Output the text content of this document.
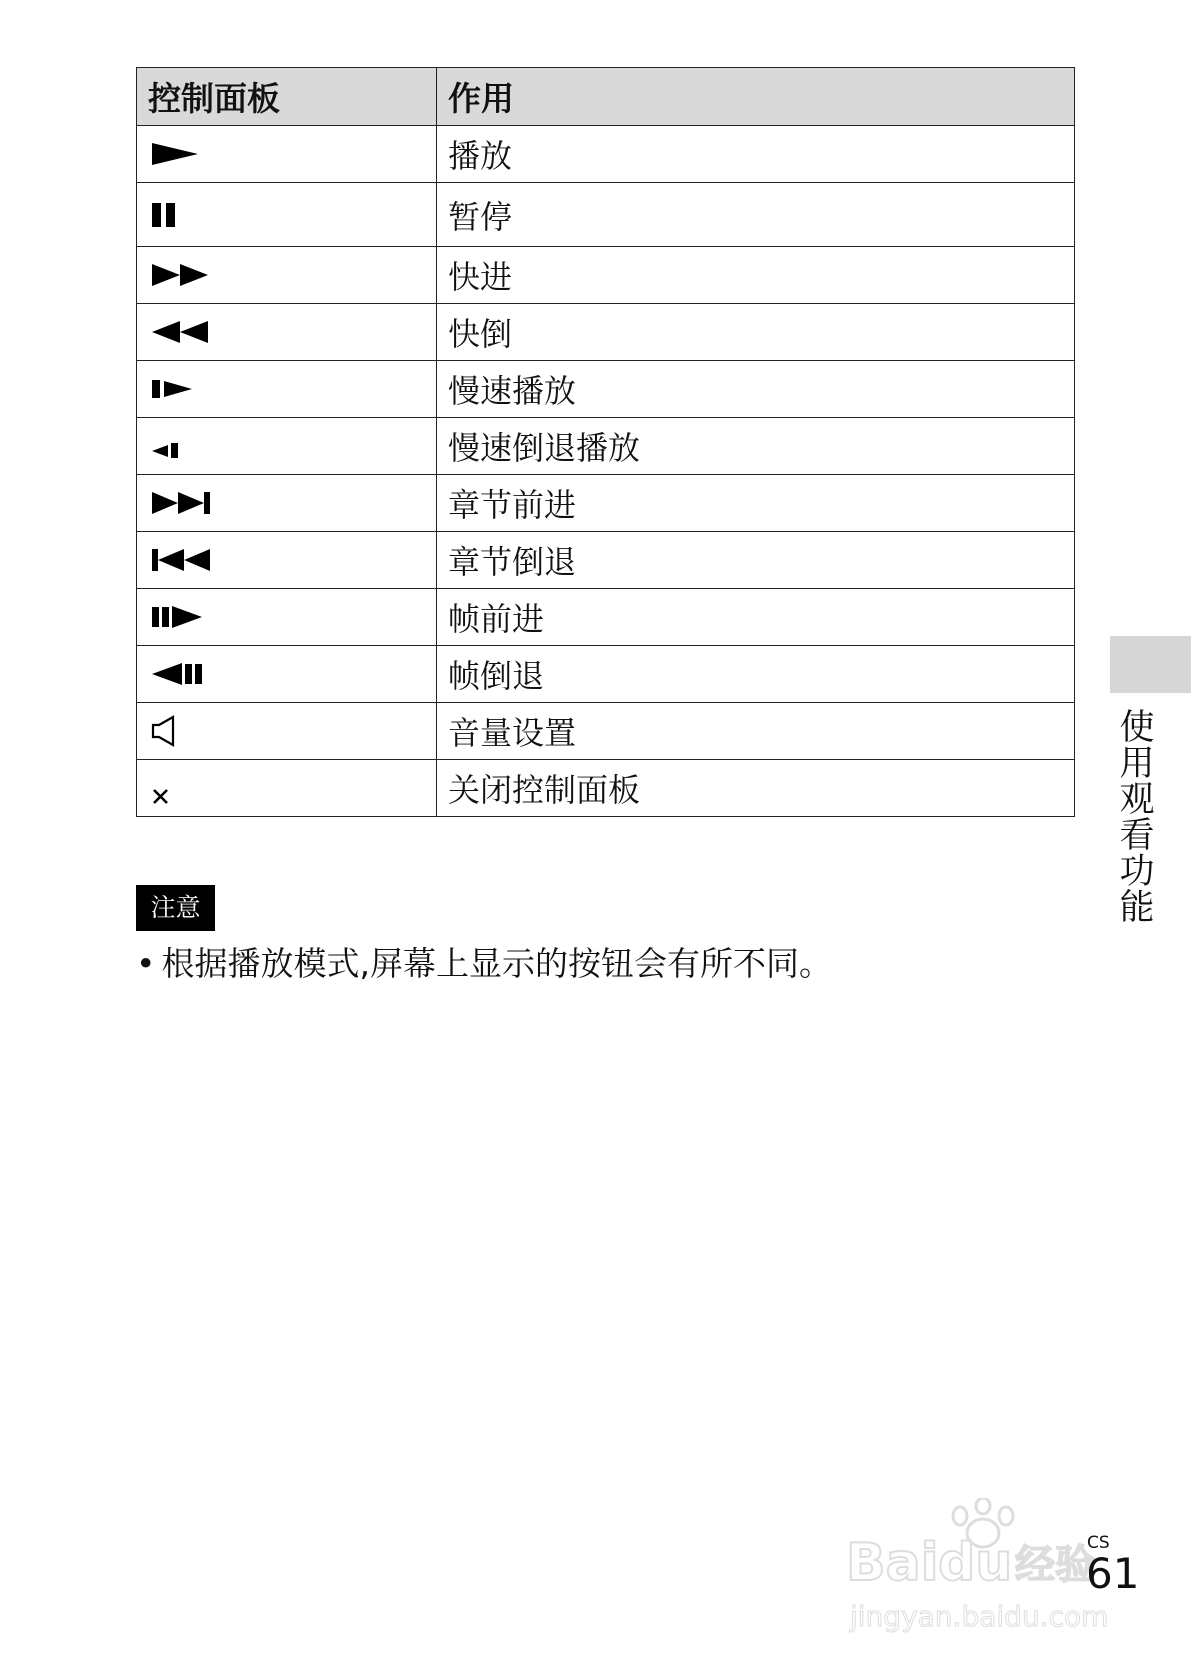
控制面板	作用

	播放

	暂停

	快进

	快倒

	慢速播放

	慢速倒退播放

	章节前进

	章节倒退

	帧前进

	帧倒退

	音量设置

	关闭控制面板
注意
• 根据播放模式,屏幕上显示的按钮会有所不同。
使用观看功能
Bai du 经验
jingyan.baidu.com
CS
61
